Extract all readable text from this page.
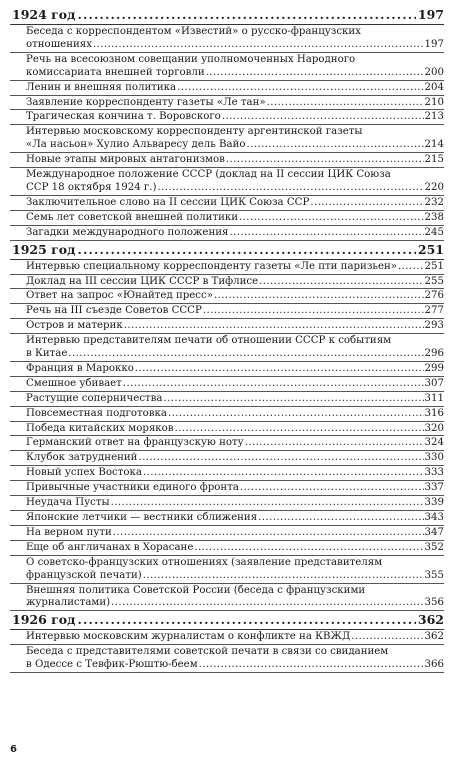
1924 год . . .	197
Беседа с корреспондентом «Известий» о русско-французских
отношениях .....	197
Речь на всесоюзном совещании уполномоченных Народного
комиссариата внешней торговли .....	200
Ленин и внешняя политика .....	204
Заявление корреспонденту газеты «Ле тан» .....	210
Трагическая кончина т. Воровского .....	213
Интервью московскому корреспонденту аргентинской газеты
«Ла насьон» Хулио Альваресу дель Вайо .....	214
Новые этапы мировых антагонизмов .....	215
Международное положение СССР (доклад на II сессии ЦИК Союза
ССР 18 октября 1924 г.) .....	220
Заключительное слово на II сессии ЦИК Союза ССР .....	232
Семь лет советской внешней политики .....	238
Загадки международного положения .....	245
1925 год . . .	251
Интервью специальному корреспонденту газеты «Ле пти паризьен» .....	251
Доклад на III сессии ЦИК СССР в Тифлисе .....	255
Ответ на запрос «Юнайтед пресс» .....	276
Речь на III съезде Советов СССР .....	277
Остров и материк .....	293
Интервью представителям печати об отношении СССР к событиям
в Китае .....	296
Франция в Марокко .....	299
Смешное убивает .....	307
Растущие соперничества .....	311
Повсеместная подготовка .....	316
Победа китайских моряков .....	320
Германский ответ на французскую ноту .....	324
Клубок затруднений .....	330
Новый успех Востока .....	333
Привычные участники единого фронта .....	337
Неудача Пусты .....	339
Японские летчики — вестники сближения .....	343
На верном пути .....	347
Еще об англичанах в Хорасане .....	352
О советско-французских отношениях (заявление представителям
французской печати) .....	355
Внешняя политика Советской России (беседа с французскими
журналистами) .....	356
1926 год . . .	362
Интервью московским журналистам о конфликте на КВЖД .....	362
Беседа с представителями советской печати в связи со свиданием
в Одессе с Тевфик-Рюштю-беем .....	366
6
